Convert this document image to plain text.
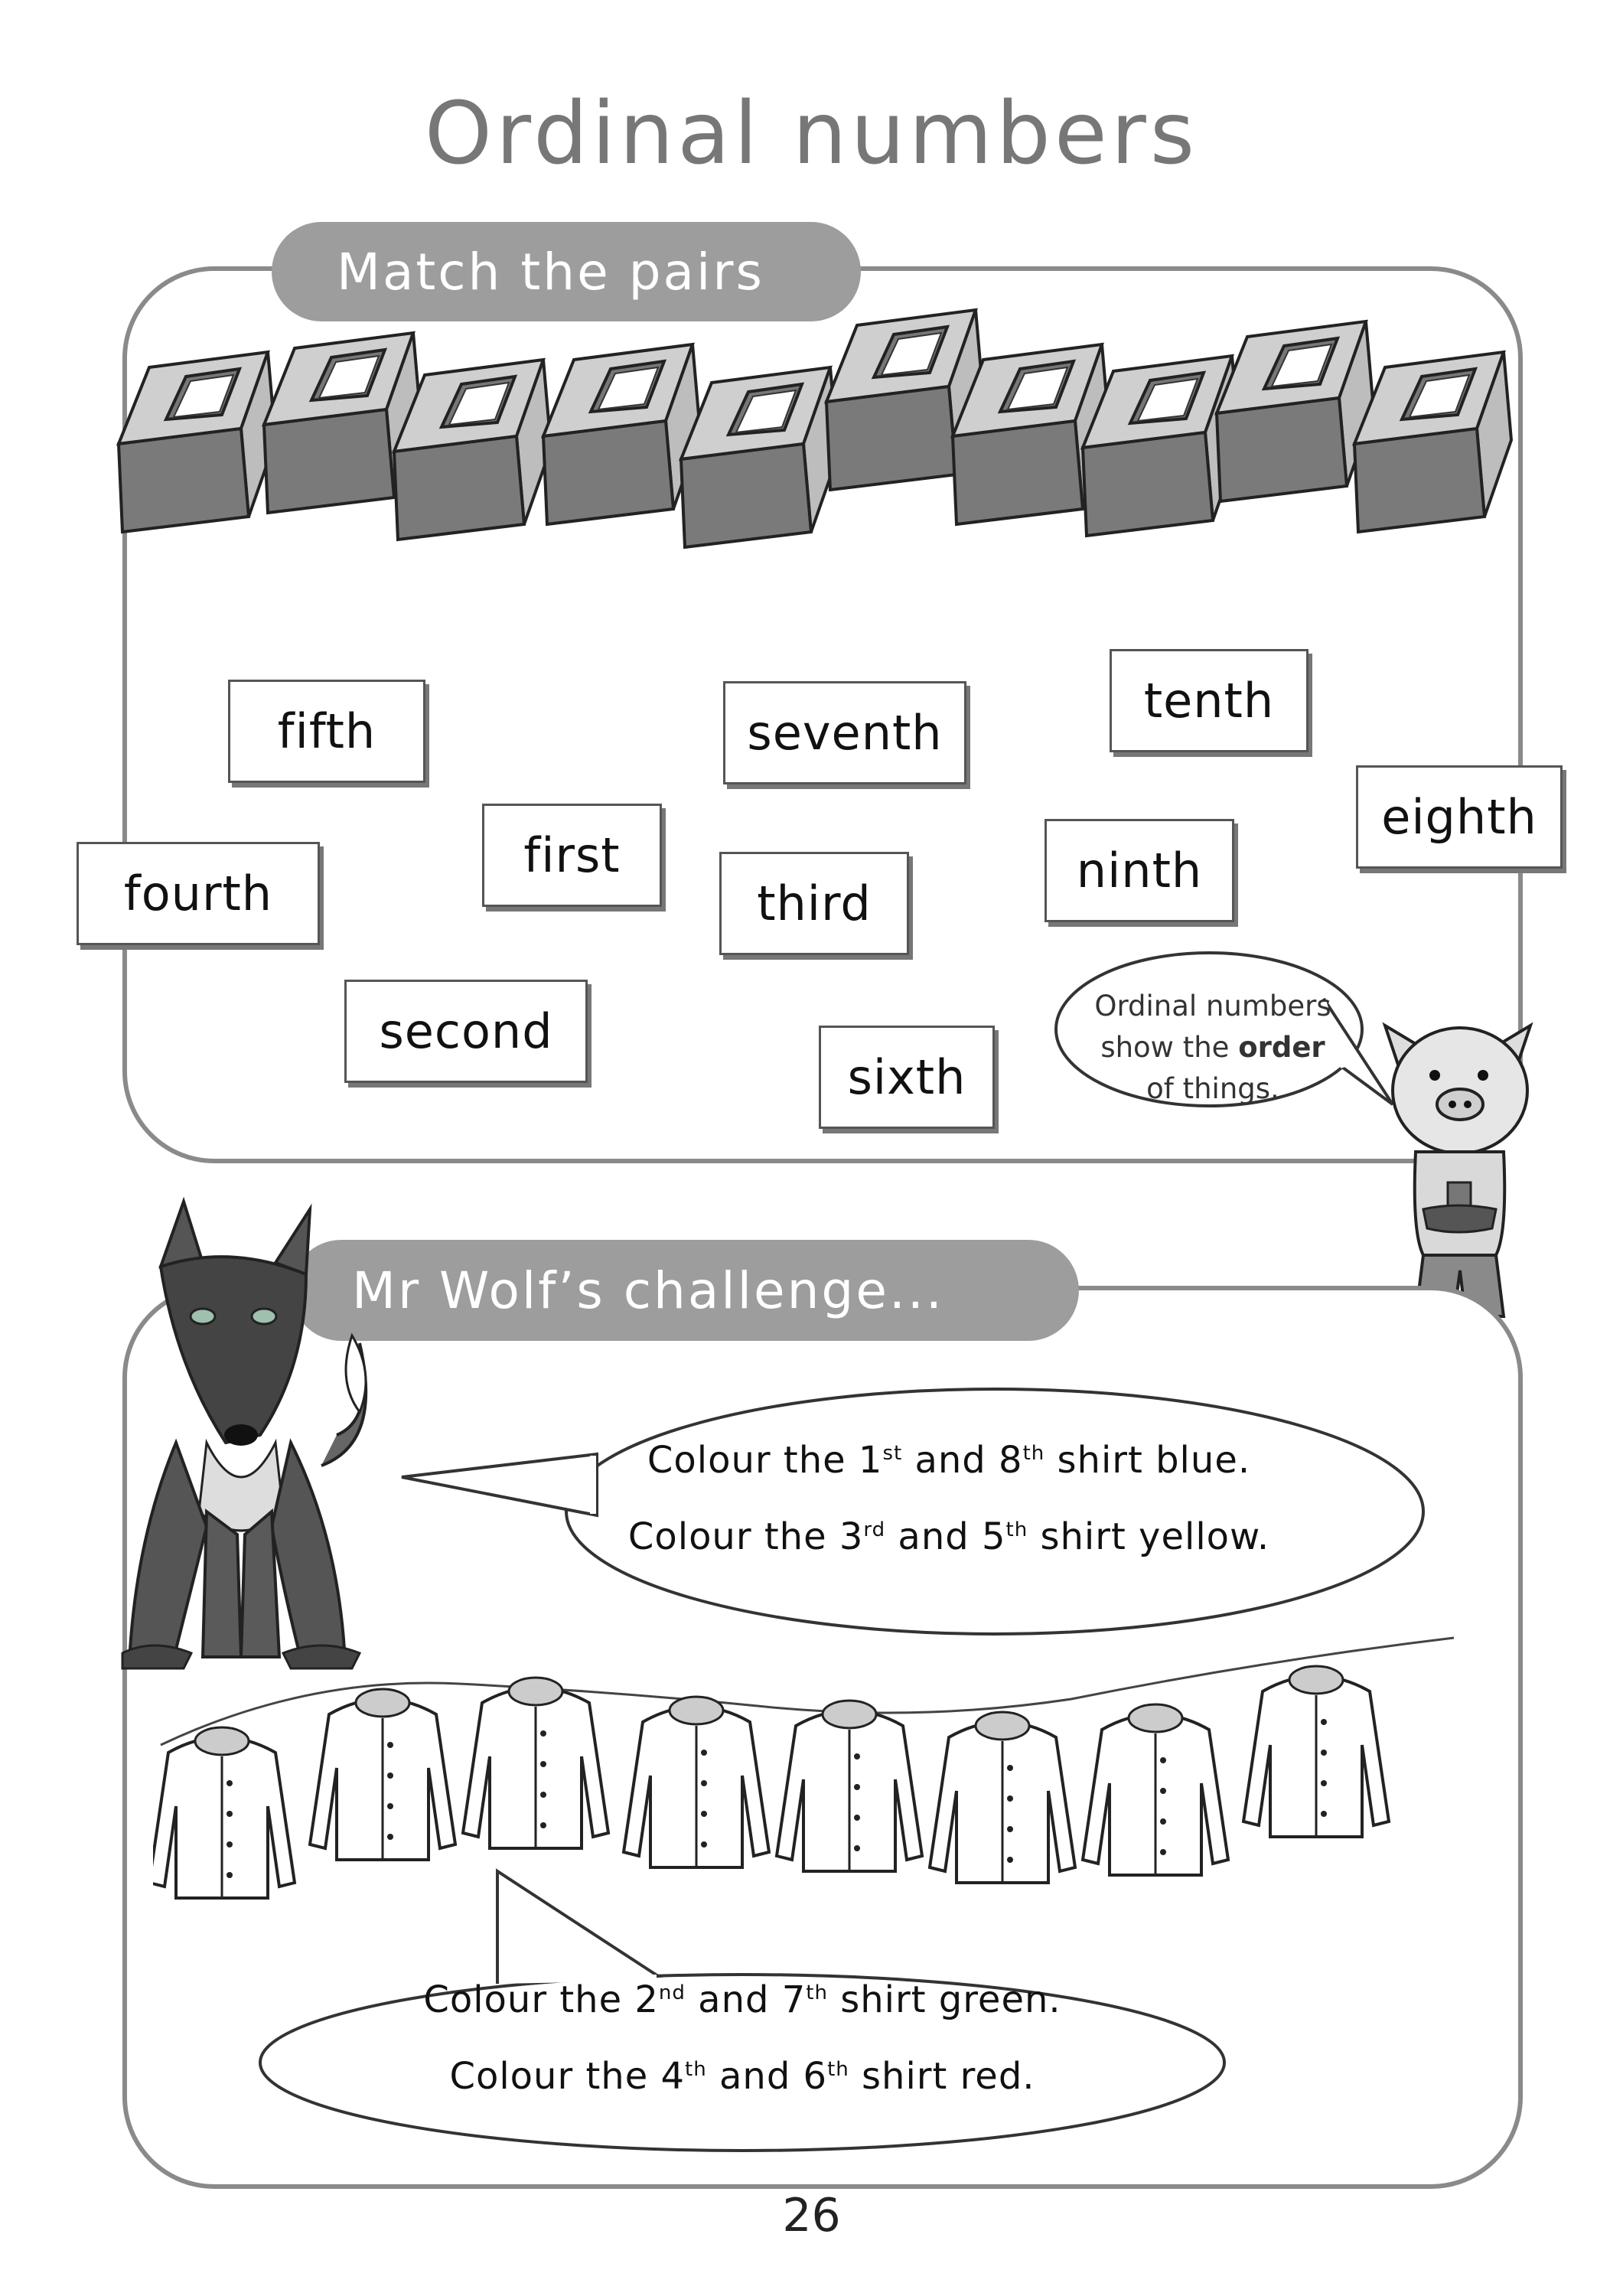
Ordinal numbers
Match the pairs
1st
2nd
3rd 4th
5th
6th
7th 8th
9th
10th
fifth	seventh
tenth
eighth
first
fourth	third
ninth
second
sixth
Ordinal numbers
show the order
of things.
Mr Wolf’s challenge...
Colour the 1st and 8th shirt blue.
Colour the 3rd and 5th shirt yellow.
Colour the 2nd and 7th shirt green.
Colour the 4th and 6th shirt red.
26
